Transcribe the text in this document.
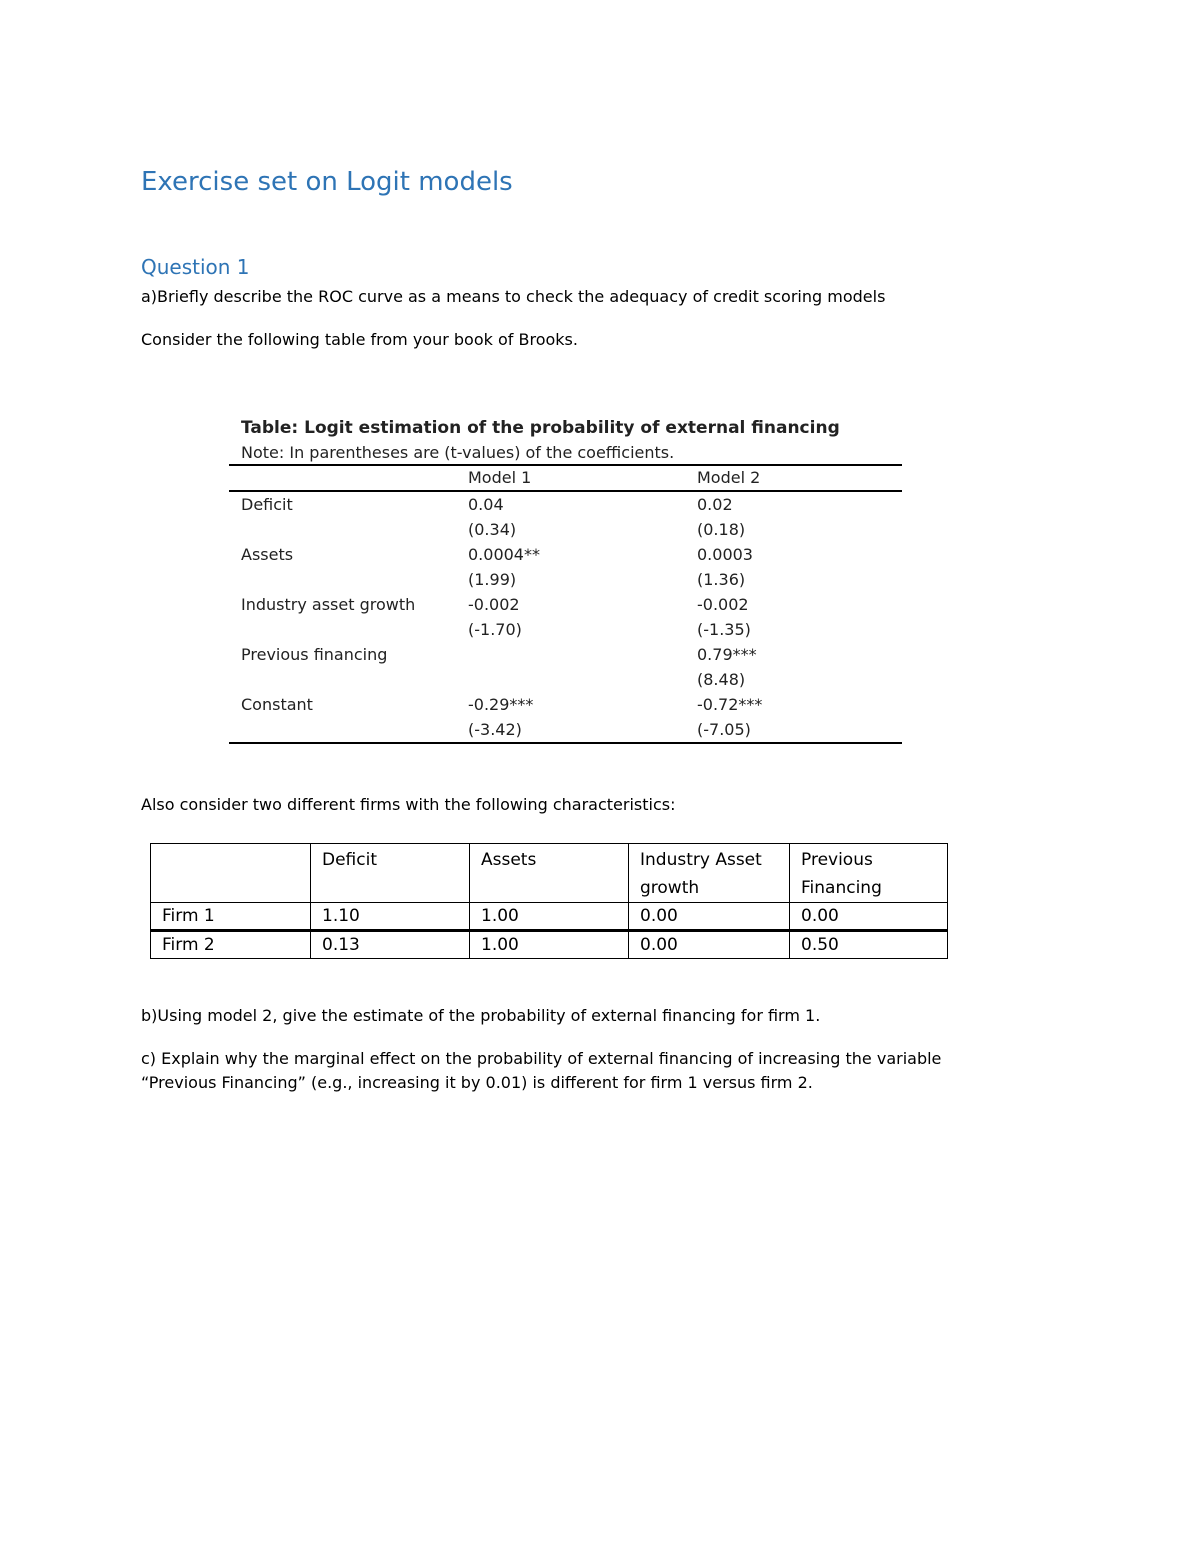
Exercise set on Logit models
Question 1
a)Briefly describe the ROC curve as a means to check the adequacy of credit scoring models
Consider the following table from your book of Brooks.
Table: Logit estimation of the probability of external financing
Note: In parentheses are (t-values) of the coefficients.
	Model 1	Model 2
Deficit	0.04	0.02
	(0.34)	(0.18)
Assets	0.0004**	0.0003
	(1.99)	(1.36)
Industry asset growth	-0.002	-0.002
	(-1.70)	(-1.35)
Previous financing		0.79***
		(8.48)
Constant	-0.29***	-0.72***
	(-3.42)	(-7.05)
Also consider two different firms with the following characteristics:
	Deficit	Assets	Industry Asset growth	Previous Financing
Firm 1	1.10	1.00	0.00	0.00
Firm 2	0.13	1.00	0.00	0.50
b)Using model 2, give the estimate of the probability of external financing for firm 1.
c) Explain why the marginal effect on the probability of external financing of increasing the variable “Previous Financing” (e.g., increasing it by 0.01) is different for firm 1 versus firm 2.
